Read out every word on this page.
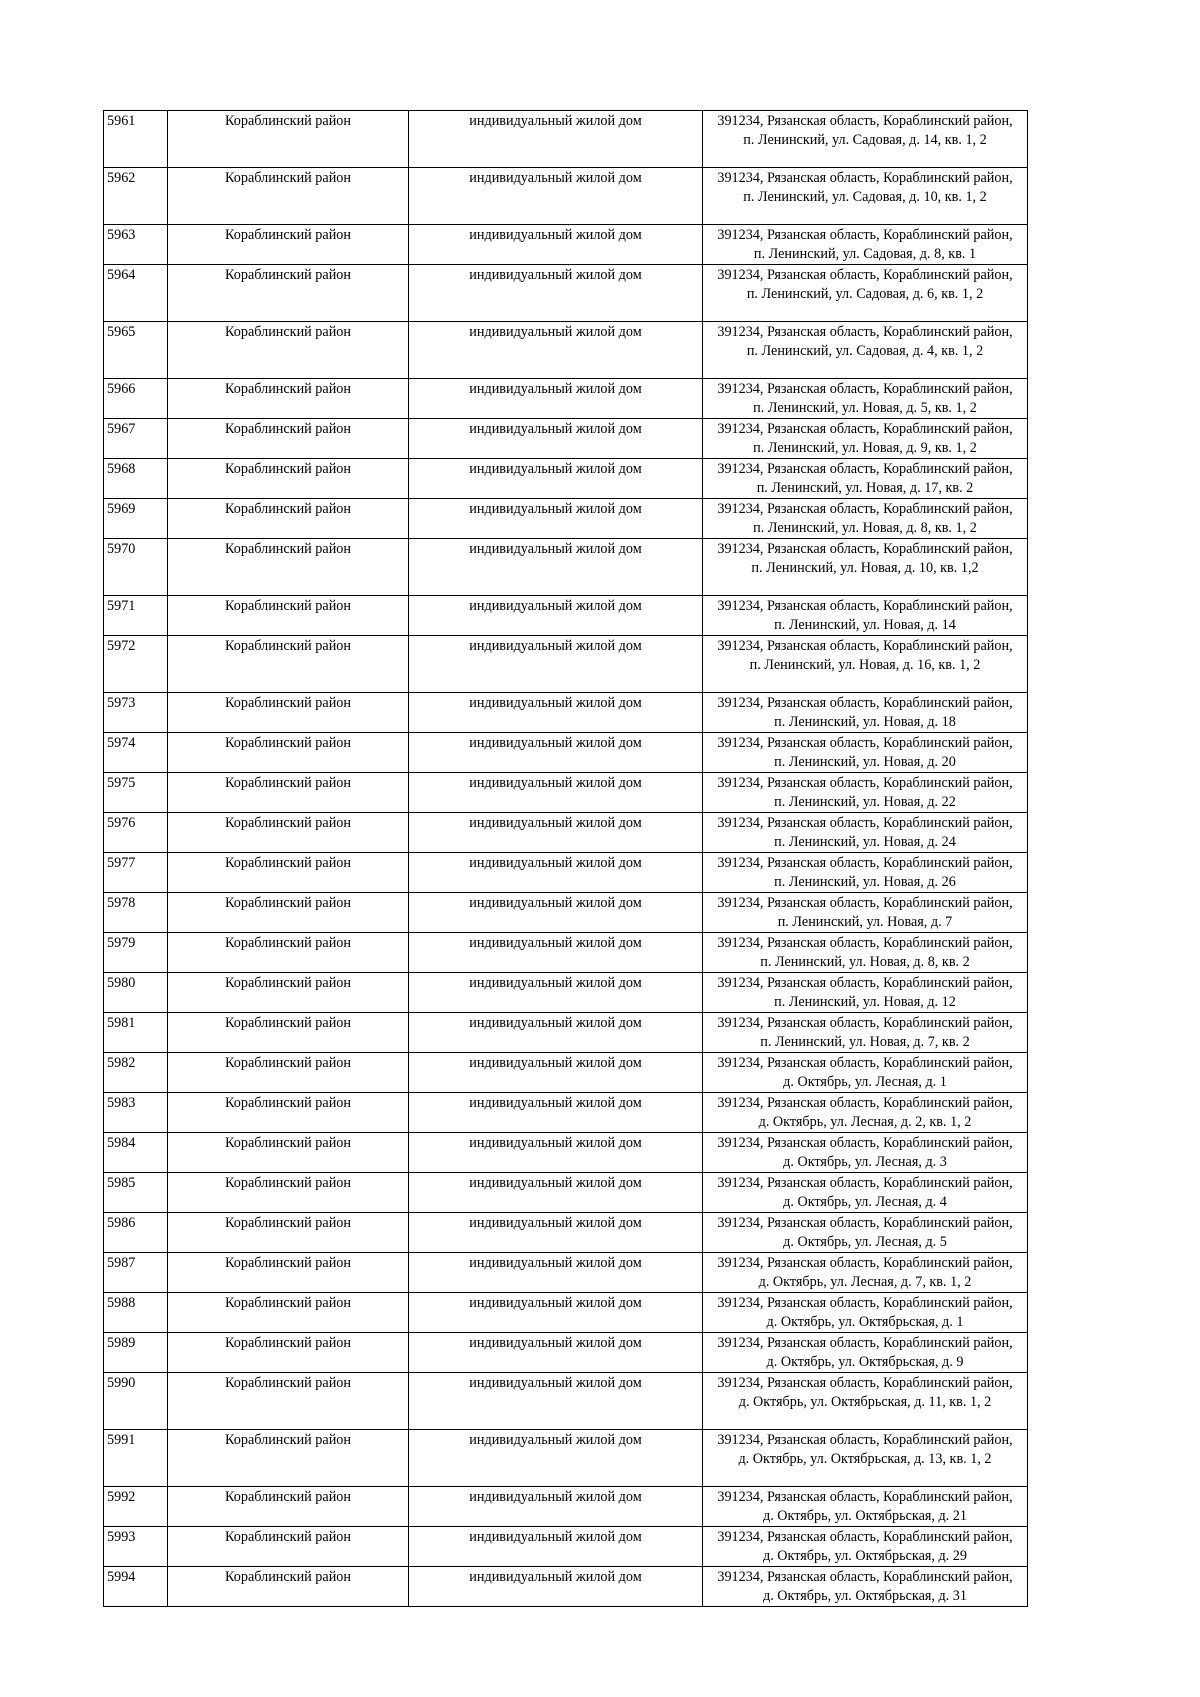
5961	Кораблинский район	индивидуальный жилой дом	391234, Рязанская область, Кораблинский район,
п. Ленинский, ул. Садовая, д. 14, кв. 1, 2

5962	Кораблинский район	индивидуальный жилой дом	391234, Рязанская область, Кораблинский район,
п. Ленинский, ул. Садовая, д. 10, кв. 1, 2

5963	Кораблинский район	индивидуальный жилой дом	391234, Рязанская область, Кораблинский район,
п. Ленинский, ул. Садовая, д. 8, кв. 1

5964	Кораблинский район	индивидуальный жилой дом	391234, Рязанская область, Кораблинский район,
п. Ленинский, ул. Садовая, д. 6, кв. 1, 2

5965	Кораблинский район	индивидуальный жилой дом	391234, Рязанская область, Кораблинский район,
п. Ленинский, ул. Садовая, д. 4, кв. 1, 2

5966	Кораблинский район	индивидуальный жилой дом	391234, Рязанская область, Кораблинский район,
п. Ленинский, ул. Новая, д. 5, кв. 1, 2

5967	Кораблинский район	индивидуальный жилой дом	391234, Рязанская область, Кораблинский район,
п. Ленинский, ул. Новая, д. 9, кв. 1, 2

5968	Кораблинский район	индивидуальный жилой дом	391234, Рязанская область, Кораблинский район,
п. Ленинский, ул. Новая, д. 17, кв. 2

5969	Кораблинский район	индивидуальный жилой дом	391234, Рязанская область, Кораблинский район,
п. Ленинский, ул. Новая, д. 8, кв. 1, 2

5970	Кораблинский район	индивидуальный жилой дом	391234, Рязанская область, Кораблинский район,
п. Ленинский, ул. Новая, д. 10, кв. 1,2

5971	Кораблинский район	индивидуальный жилой дом	391234, Рязанская область, Кораблинский район,
п. Ленинский, ул. Новая, д. 14

5972	Кораблинский район	индивидуальный жилой дом	391234, Рязанская область, Кораблинский район,
п. Ленинский, ул. Новая, д. 16, кв. 1, 2

5973	Кораблинский район	индивидуальный жилой дом	391234, Рязанская область, Кораблинский район,
п. Ленинский, ул. Новая, д. 18

5974	Кораблинский район	индивидуальный жилой дом	391234, Рязанская область, Кораблинский район,
п. Ленинский, ул. Новая, д. 20

5975	Кораблинский район	индивидуальный жилой дом	391234, Рязанская область, Кораблинский район,
п. Ленинский, ул. Новая, д. 22

5976	Кораблинский район	индивидуальный жилой дом	391234, Рязанская область, Кораблинский район,
п. Ленинский, ул. Новая, д. 24

5977	Кораблинский район	индивидуальный жилой дом	391234, Рязанская область, Кораблинский район,
п. Ленинский, ул. Новая, д. 26

5978	Кораблинский район	индивидуальный жилой дом	391234, Рязанская область, Кораблинский район,
п. Ленинский, ул. Новая, д. 7

5979	Кораблинский район	индивидуальный жилой дом	391234, Рязанская область, Кораблинский район,
п. Ленинский, ул. Новая, д. 8, кв. 2

5980	Кораблинский район	индивидуальный жилой дом	391234, Рязанская область, Кораблинский район,
п. Ленинский, ул. Новая, д. 12

5981	Кораблинский район	индивидуальный жилой дом	391234, Рязанская область, Кораблинский район,
п. Ленинский, ул. Новая, д. 7, кв. 2

5982	Кораблинский район	индивидуальный жилой дом	391234, Рязанская область, Кораблинский район,
д. Октябрь, ул. Лесная, д. 1

5983	Кораблинский район	индивидуальный жилой дом	391234, Рязанская область, Кораблинский район,
д. Октябрь, ул. Лесная, д. 2, кв. 1, 2

5984	Кораблинский район	индивидуальный жилой дом	391234, Рязанская область, Кораблинский район,
д. Октябрь, ул. Лесная, д. 3

5985	Кораблинский район	индивидуальный жилой дом	391234, Рязанская область, Кораблинский район,
д. Октябрь, ул. Лесная, д. 4

5986	Кораблинский район	индивидуальный жилой дом	391234, Рязанская область, Кораблинский район,
д. Октябрь, ул. Лесная, д. 5

5987	Кораблинский район	индивидуальный жилой дом	391234, Рязанская область, Кораблинский район,
д. Октябрь, ул. Лесная, д. 7, кв. 1, 2

5988	Кораблинский район	индивидуальный жилой дом	391234, Рязанская область, Кораблинский район,
д. Октябрь, ул. Октябрьская, д. 1

5989	Кораблинский район	индивидуальный жилой дом	391234, Рязанская область, Кораблинский район,
д. Октябрь, ул. Октябрьская, д. 9

5990	Кораблинский район	индивидуальный жилой дом	391234, Рязанская область, Кораблинский район,
д. Октябрь, ул. Октябрьская, д. 11, кв. 1, 2

5991	Кораблинский район	индивидуальный жилой дом	391234, Рязанская область, Кораблинский район,
д. Октябрь, ул. Октябрьская, д. 13, кв. 1, 2

5992	Кораблинский район	индивидуальный жилой дом	391234, Рязанская область, Кораблинский район,
д. Октябрь, ул. Октябрьская, д. 21

5993	Кораблинский район	индивидуальный жилой дом	391234, Рязанская область, Кораблинский район,
д. Октябрь, ул. Октябрьская, д. 29

5994	Кораблинский район	индивидуальный жилой дом	391234, Рязанская область, Кораблинский район,
д. Октябрь, ул. Октябрьская, д. 31
